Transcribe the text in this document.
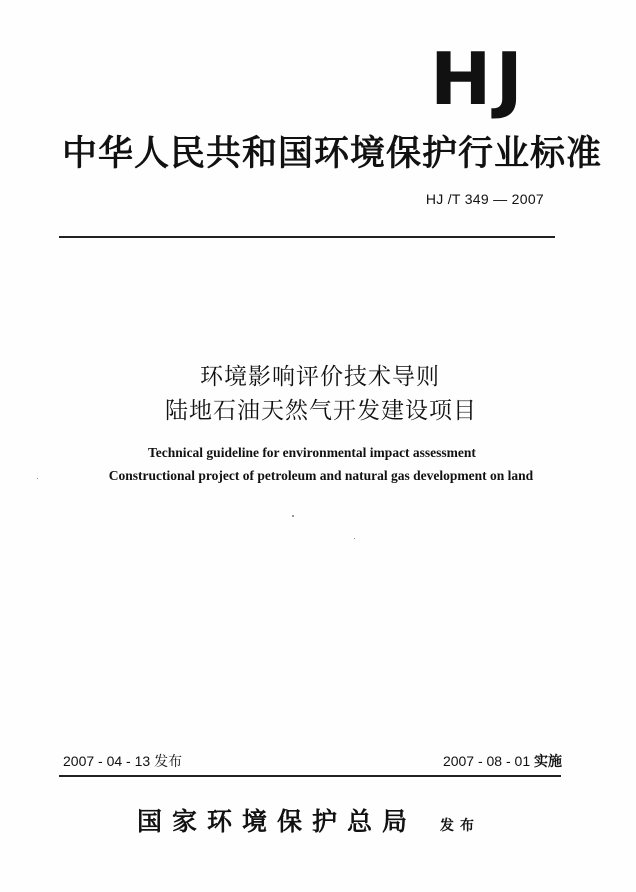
HJ
中华人民共和国环境保护行业标准
HJ /T 349 — 2007
环境影响评价技术导则
陆地石油天然气开发建设项目
Technical guideline for environmental impact assessment
Constructional project of petroleum and natural gas development on land
2007 - 04 - 13 发布	2007 - 08 - 01 实施
国家环境保护总局 发布
